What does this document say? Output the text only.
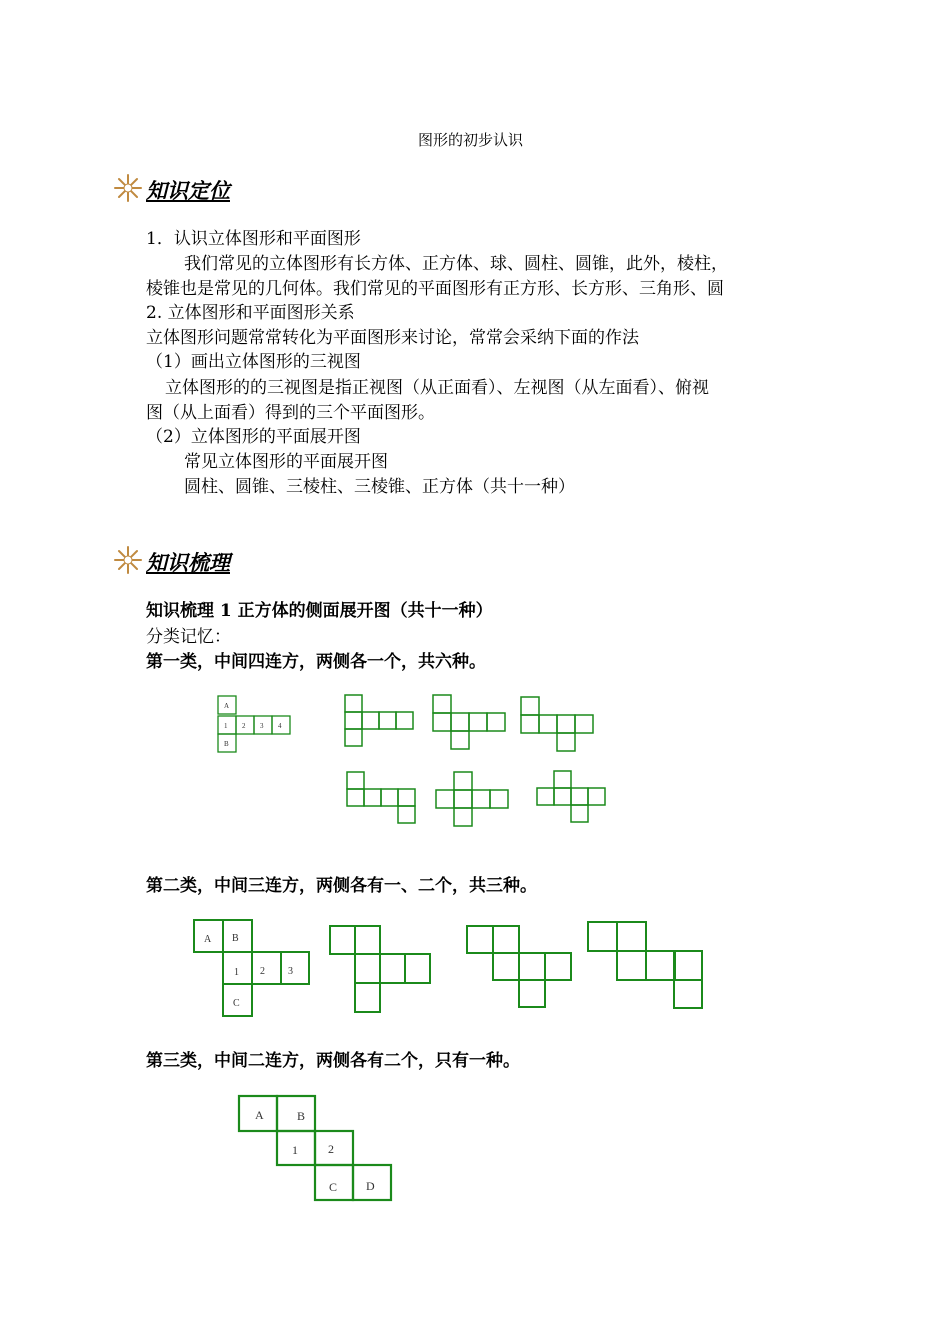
图形的初步认识
知识定位
1．认识立体图形和平面图形
我们常见的立体图形有长方体、正方体、球、圆柱、圆锥，此外，棱柱，
棱锥也是常见的几何体。我们常见的平面图形有正方形、长方形、三角形、圆
2. 立体图形和平面图形关系
立体图形问题常常转化为平面图形来讨论，常常会采纳下面的作法
（1）画出立体图形的三视图
立体图形的的三视图是指正视图（从正面看）、左视图（从左面看）、俯视
图（从上面看）得到的三个平面图形。
（2）立体图形的平面展开图
常见立体图形的平面展开图
圆柱、圆锥、三棱柱、三棱锥、正方体（共十一种）
知识梳理
知识梳理 1 正方体的侧面展开图（共十一种）
分类记忆：
第一类，中间四连方，两侧各一个，共六种。
A
1 2 3 4
B
第二类，中间三连方，两侧各有一、二个，共三种。
A B
1 2 3
C
第三类，中间二连方，两侧各有二个，只有一种。
A	B
1	2
C D
